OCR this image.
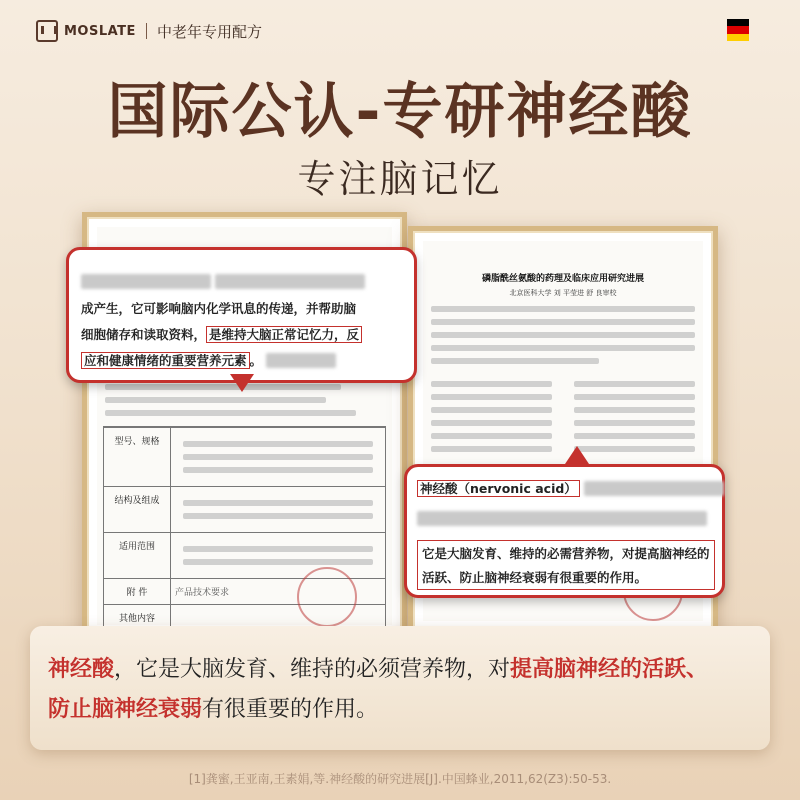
MOSLATE 中老年专用配方
国际公认-专研神经酸
专注脑记忆
型号、规格
结构及组成
适用范围
附 件	产品技术要求
其他内容
磷脂酰丝氨酸的药理及临床应用研究进展
北京医科大学 刘 平莹进 舒 良审校

成产生，它可影响脑内化学讯息的传递，并帮助脑
细胞储存和读取资料， 是维持大脑正常记忆力，反
应和健康情绪的重要营养元素 。
神经酸（nervonic acid）
它是大脑发育、维持的必需营养物，对提高脑神经的
活跃、防止脑神经衰弱有很重要的作用。
神经酸，它是大脑发育、维持的必须营养物，对提高脑神经的活跃、
防止脑神经衰弱有很重要的作用。
[1]龚蜜,王亚南,王素娟,等.神经酸的研究进展[J].中国蜂业,2011,62(Z3):50-53.
